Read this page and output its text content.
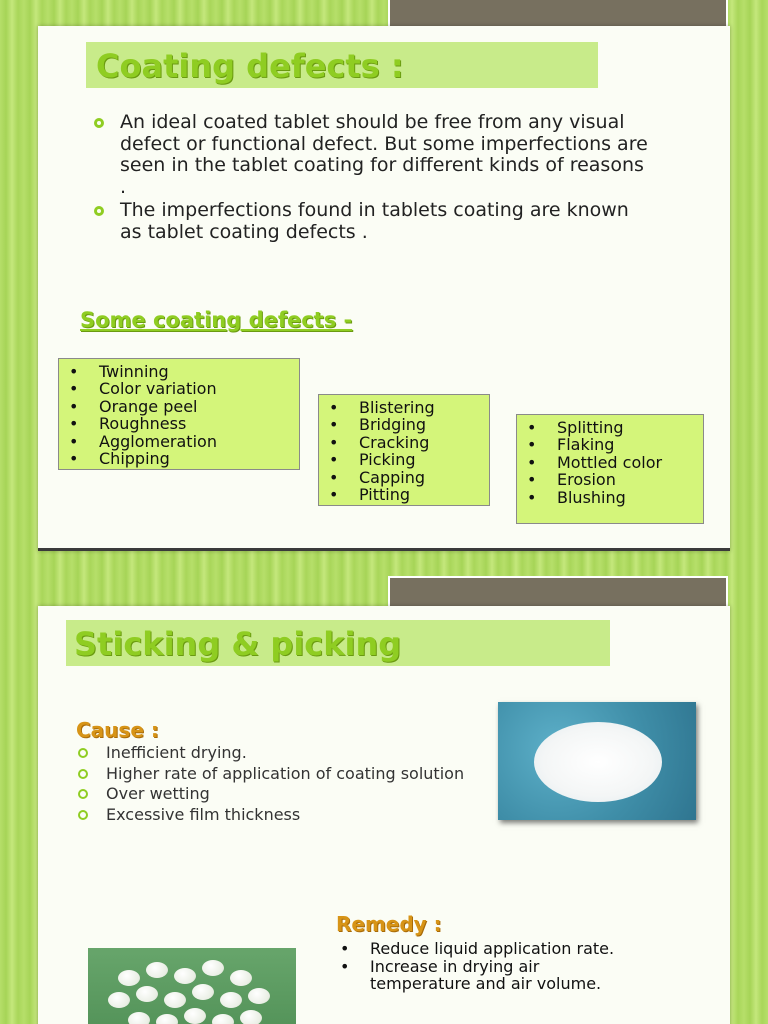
Coating defects :
An ideal coated tablet should be free from any visual defect or functional defect. But some imperfections are seen in the tablet coating for different kinds of reasons .
The imperfections found in tablets coating are known as tablet coating defects .
Some coating defects -
• Twinning
• Color variation
• Orange peel
• Roughness
• Agglomeration
• Chipping
• Blistering
• Bridging
• Cracking
• Picking
• Capping
• Pitting
• Splitting
• Flaking
• Mottled color
• Erosion
• Blushing
Sticking & picking
Cause :
Inefficient drying.
Higher rate of application of coating solution
Over wetting
Excessive film thickness
Remedy :
• Reduce liquid application rate.
• Increase in drying air temperature and air volume.
